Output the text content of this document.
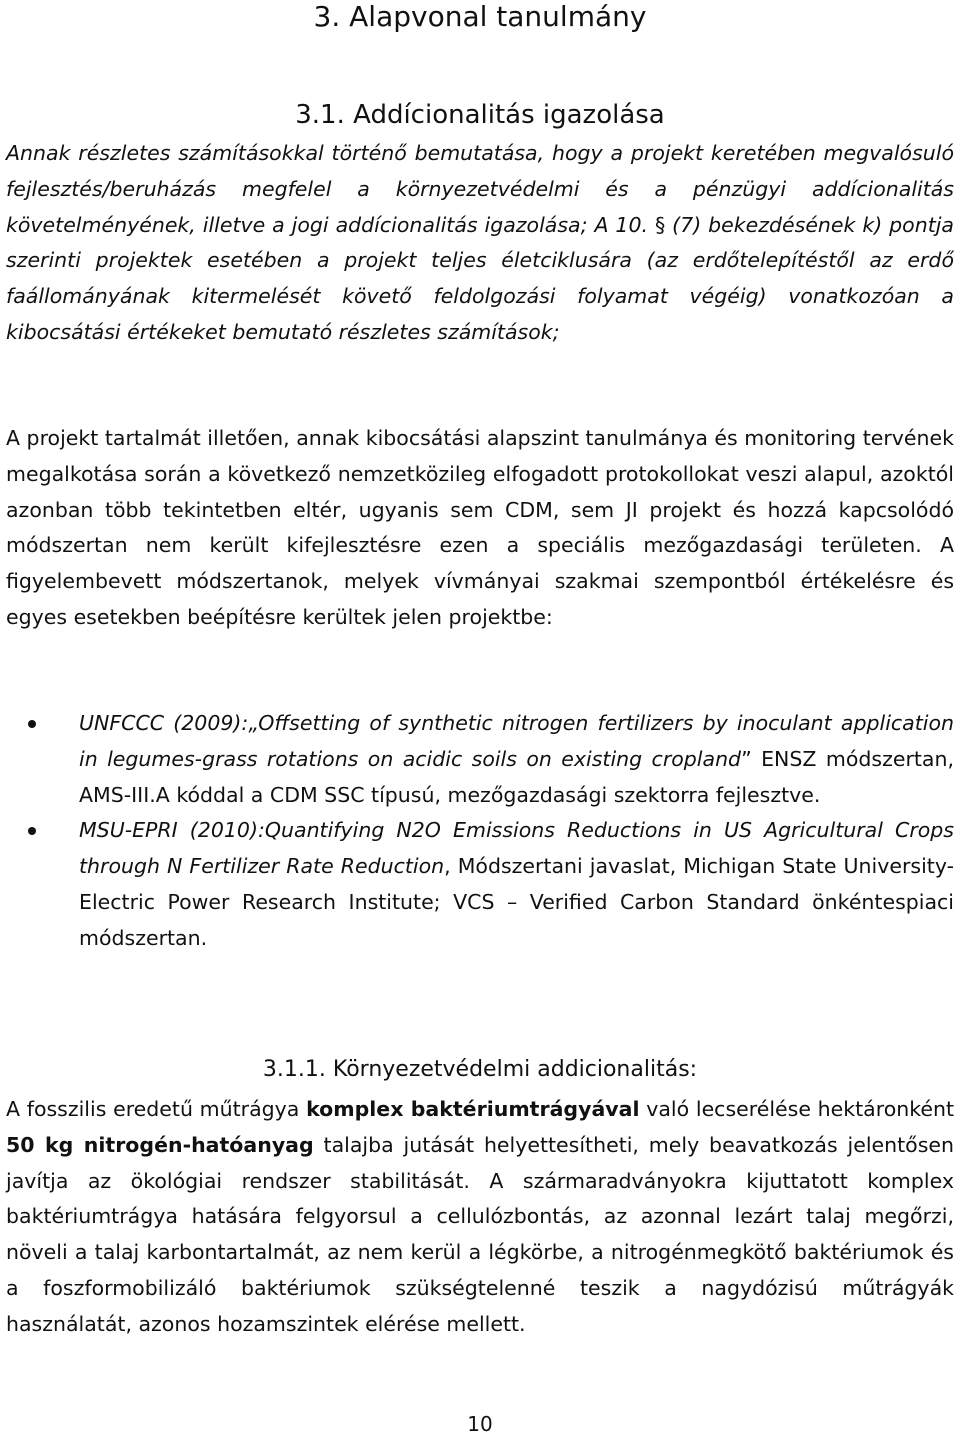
3. Alapvonal tanulmány
3.1. Addícionalitás igazolása

Annak részletes számításokkal történő bemutatása, hogy a projekt keretében megvalósuló fejlesztés/beruházás megfelel a környezetvédelmi és a pénzügyi addícionalitás követelményének, illetve a jogi addícionalitás igazolása; A 10. § (7) bekezdésének k) pontja szerinti projektek esetében a projekt teljes életciklusára (az erdőtelepítéstől az erdő faállományának kitermelését követő feldolgozási folyamat végéig) vonatkozóan a kibocsátási értékeket bemutató részletes számítások;

A projekt tartalmát illetően, annak kibocsátási alapszint tanulmánya és monitoring tervének megalkotása során a következő nemzetközileg elfogadott protokollokat veszi alapul, azoktól azonban több tekintetben eltér, ugyanis sem CDM, sem JI projekt és hozzá kapcsolódó módszertan nem került kifejlesztésre ezen a speciális mezőgazdasági területen. A figyelembevett módszertanok, melyek vívmányai szakmai szempontból értékelésre és egyes esetekben beépítésre kerültek jelen projektbe:

UNFCCC (2009):„Offsetting of synthetic nitrogen fertilizers by inoculant application in legumes-grass rotations on acidic soils on existing cropland” ENSZ módszertan, AMS-III.A kóddal a CDM SSC típusú, mezőgazdasági szektorra fejlesztve.

MSU-EPRI (2010):Quantifying N2O Emissions Reductions in US Agricultural Crops through N Fertilizer Rate Reduction, Módszertani javaslat, Michigan State University-Electric Power Research Institute; VCS – Verified Carbon Standard önkéntespiaci módszertan.

3.1.1. Környezetvédelmi addicionalitás:

A fosszilis eredetű műtrágya komplex baktériumtrágyával való lecserélése hektáronként 50 kg nitrogén-hatóanyag talajba jutását helyettesítheti, mely beavatkozás jelentősen javítja az ökológiai rendszer stabilitását. A szármaradványokra kijuttatott komplex baktériumtrágya hatására felgyorsul a cellulózbontás, az azonnal lezárt talaj megőrzi, növeli a talaj karbontartalmát, az nem kerül a légkörbe, a nitrogénmegkötő baktériumok és a foszformobilizáló baktériumok szükségtelenné teszik a nagydózisú műtrágyák használatát, azonos hozamszintek elérése mellett.

10
